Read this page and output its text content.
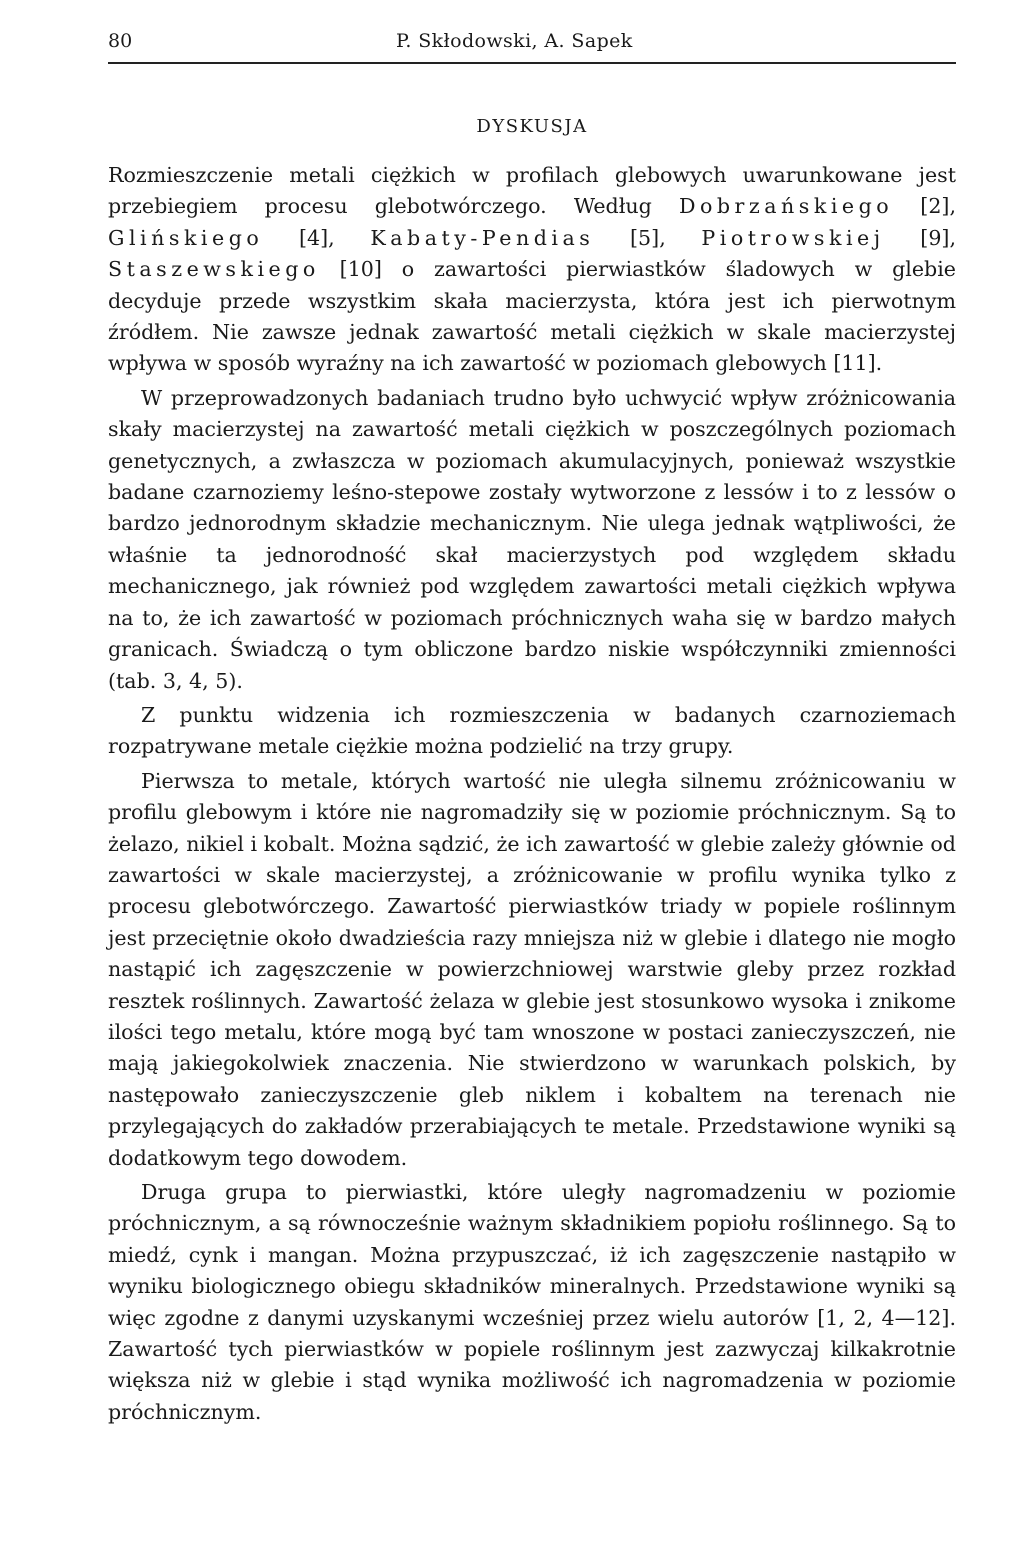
80	P. Skłodowski, A. Sapek
DYSKUSJA

Rozmieszczenie metali ciężkich w profilach glebowych uwarunkowane jest przebiegiem procesu glebotwórczego. Według Dobrzańskiego [2], Glińskiego [4], Kabaty-Pendias [5], Piotrowskiej [9], Staszewskiego [10] o zawartości pierwiastków śladowych w glebie decyduje przede wszystkim skała macierzysta, która jest ich pierwotnym źródłem. Nie zawsze jednak zawartość metali ciężkich w skale macierzystej wpływa w sposób wyraźny na ich zawartość w poziomach glebowych [11].

W przeprowadzonych badaniach trudno było uchwycić wpływ zróżnicowania skały macierzystej na zawartość metali ciężkich w poszczególnych poziomach genetycznych, a zwłaszcza w poziomach akumulacyjnych, ponieważ wszystkie badane czarnoziemy leśno-stepowe zostały wytworzone z lessów i to z lessów o bardzo jednorodnym składzie mechanicznym. Nie ulega jednak wątpliwości, że właśnie ta jednorodność skał macierzystych pod względem składu mechanicznego, jak również pod względem zawartości metali ciężkich wpływa na to, że ich zawartość w poziomach próchnicznych waha się w bardzo małych granicach. Świadczą o tym obliczone bardzo niskie współczynniki zmienności (tab. 3, 4, 5).

Z punktu widzenia ich rozmieszczenia w badanych czarnoziemach rozpatrywane metale ciężkie można podzielić na trzy grupy.

Pierwsza to metale, których wartość nie uległa silnemu zróżnicowaniu w profilu glebowym i które nie nagromadziły się w poziomie próchnicznym. Są to żelazo, nikiel i kobalt. Można sądzić, że ich zawartość w glebie zależy głównie od zawartości w skale macierzystej, a zróżnicowanie w profilu wynika tylko z procesu glebotwórczego. Zawartość pierwiastków triady w popiele roślinnym jest przeciętnie około dwadzieścia razy mniejsza niż w glebie i dlatego nie mogło nastąpić ich zagęszczenie w powierzchniowej warstwie gleby przez rozkład resztek roślinnych. Zawartość żelaza w glebie jest stosunkowo wysoka i znikome ilości tego metalu, które mogą być tam wnoszone w postaci zanieczyszczeń, nie mają jakiegokolwiek znaczenia. Nie stwierdzono w warunkach polskich, by następowało zanieczyszczenie gleb niklem i kobaltem na terenach nie przylegających do zakładów przerabiających te metale. Przedstawione wyniki są dodatkowym tego dowodem.

Druga grupa to pierwiastki, które uległy nagromadzeniu w poziomie próchnicznym, a są równocześnie ważnym składnikiem popiołu roślinnego. Są to miedź, cynk i mangan. Można przypuszczać, iż ich zagęszczenie nastąpiło w wyniku biologicznego obiegu składników mineralnych. Przedstawione wyniki są więc zgodne z danymi uzyskanymi wcześniej przez wielu autorów [1, 2, 4—12]. Zawartość tych pierwiastków w popiele roślinnym jest zazwyczaj kilkakrotnie większa niż w glebie i stąd wynika możliwość ich nagromadzenia w poziomie próchnicznym.
